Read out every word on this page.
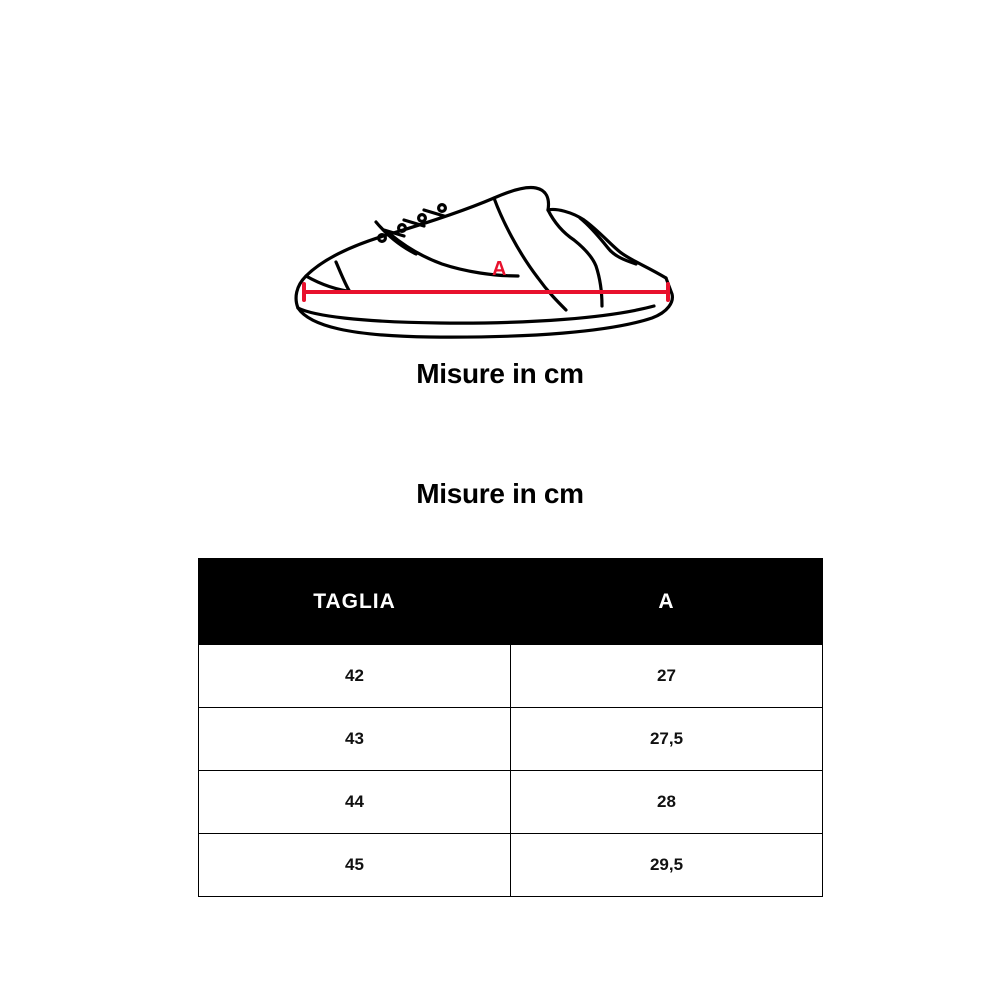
A
Misure in cm
Misure in cm
TAGLIA	A
42	27
43	27,5
44	28
45	29,5
